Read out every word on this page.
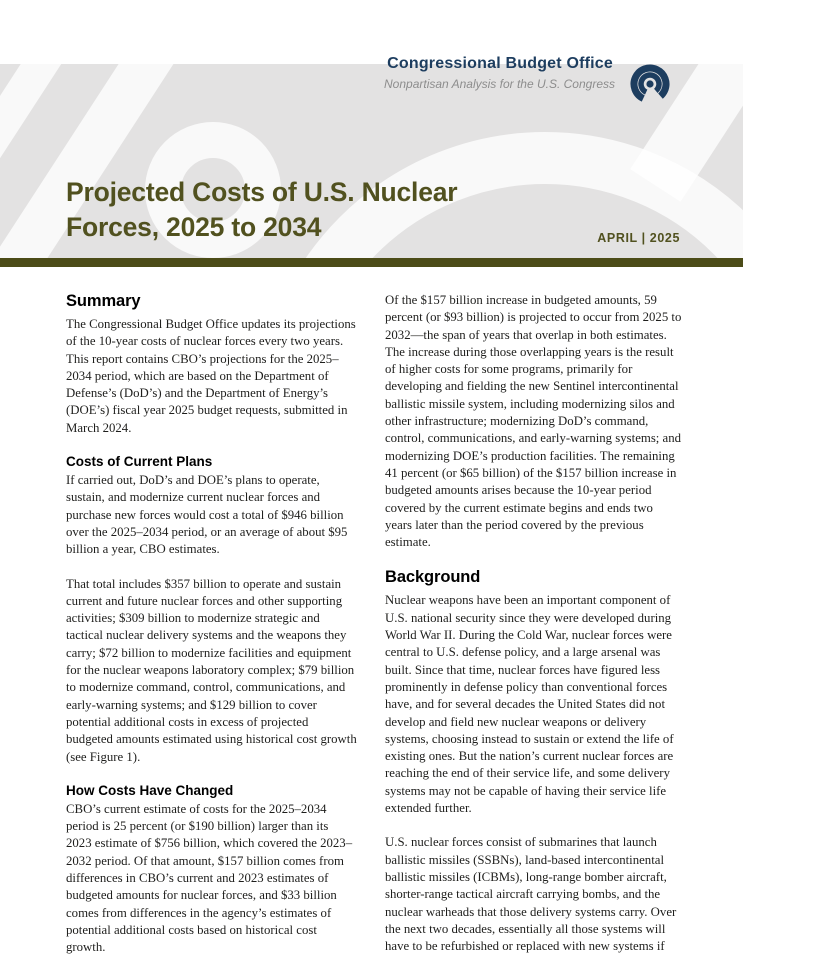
Congressional Budget Office
Nonpartisan Analysis for the U.S. Congress
Projected Costs of U.S. Nuclear
Forces, 2025 to 2034	APRIL | 2025
Summary
The Congressional Budget Office updates its projections of the 10-year costs of nuclear forces every two years. This report contains CBO’s projections for the 2025–2034 period, which are based on the Department of Defense’s (DoD’s) and the Department of Energy’s (DOE’s) fiscal year 2025 budget requests, submitted in March 2024.
Costs of Current Plans
If carried out, DoD’s and DOE’s plans to operate, sustain, and modernize current nuclear forces and purchase new forces would cost a total of $946 billion over the 2025–2034 period, or an average of about $95 billion a year, CBO estimates.
That total includes $357 billion to operate and sustain current and future nuclear forces and other supporting activities; $309 billion to modernize strategic and tactical nuclear delivery systems and the weapons they carry; $72 billion to modernize facilities and equipment for the nuclear weapons laboratory complex; $79 billion to modernize command, control, communications, and early-warning systems; and $129 billion to cover potential additional costs in excess of projected budgeted amounts estimated using historical cost growth (see Figure 1).
How Costs Have Changed
CBO’s current estimate of costs for the 2025–2034 period is 25 percent (or $190 billion) larger than its 2023 estimate of $756 billion, which covered the 2023–2032 period. Of that amount, $157 billion comes from differences in CBO’s current and 2023 estimates of budgeted amounts for nuclear forces, and $33 billion comes from differences in the agency’s estimates of potential additional costs based on historical cost growth.
Of the $157 billion increase in budgeted amounts, 59 percent (or $93 billion) is projected to occur from 2025 to 2032—the span of years that overlap in both estimates. The increase during those overlapping years is the result of higher costs for some programs, primarily for developing and fielding the new Sentinel intercontinental ballistic missile system, including modernizing silos and other infrastructure; modernizing DoD’s command, control, communications, and early-warning systems; and modernizing DOE’s production facilities. The remaining 41 percent (or $65 billion) of the $157 billion increase in budgeted amounts arises because the 10-year period covered by the current estimate begins and ends two years later than the period covered by the previous estimate.
Background
Nuclear weapons have been an important component of U.S. national security since they were developed during World War II. During the Cold War, nuclear forces were central to U.S. defense policy, and a large arsenal was built. Since that time, nuclear forces have figured less prominently in defense policy than conventional forces have, and for several decades the United States did not develop and field new nuclear weapons or delivery systems, choosing instead to sustain or extend the life of existing ones. But the nation’s current nuclear forces are reaching the end of their service life, and some delivery systems may not be capable of having their service life extended further.
U.S. nuclear forces consist of submarines that launch ballistic missiles (SSBNs), land-based intercontinental ballistic missiles (ICBMs), long-range bomber aircraft, shorter-range tactical aircraft carrying bombs, and the nuclear warheads that those delivery systems carry. Over the next two decades, essentially all those systems will have to be refurbished or replaced with new systems if
